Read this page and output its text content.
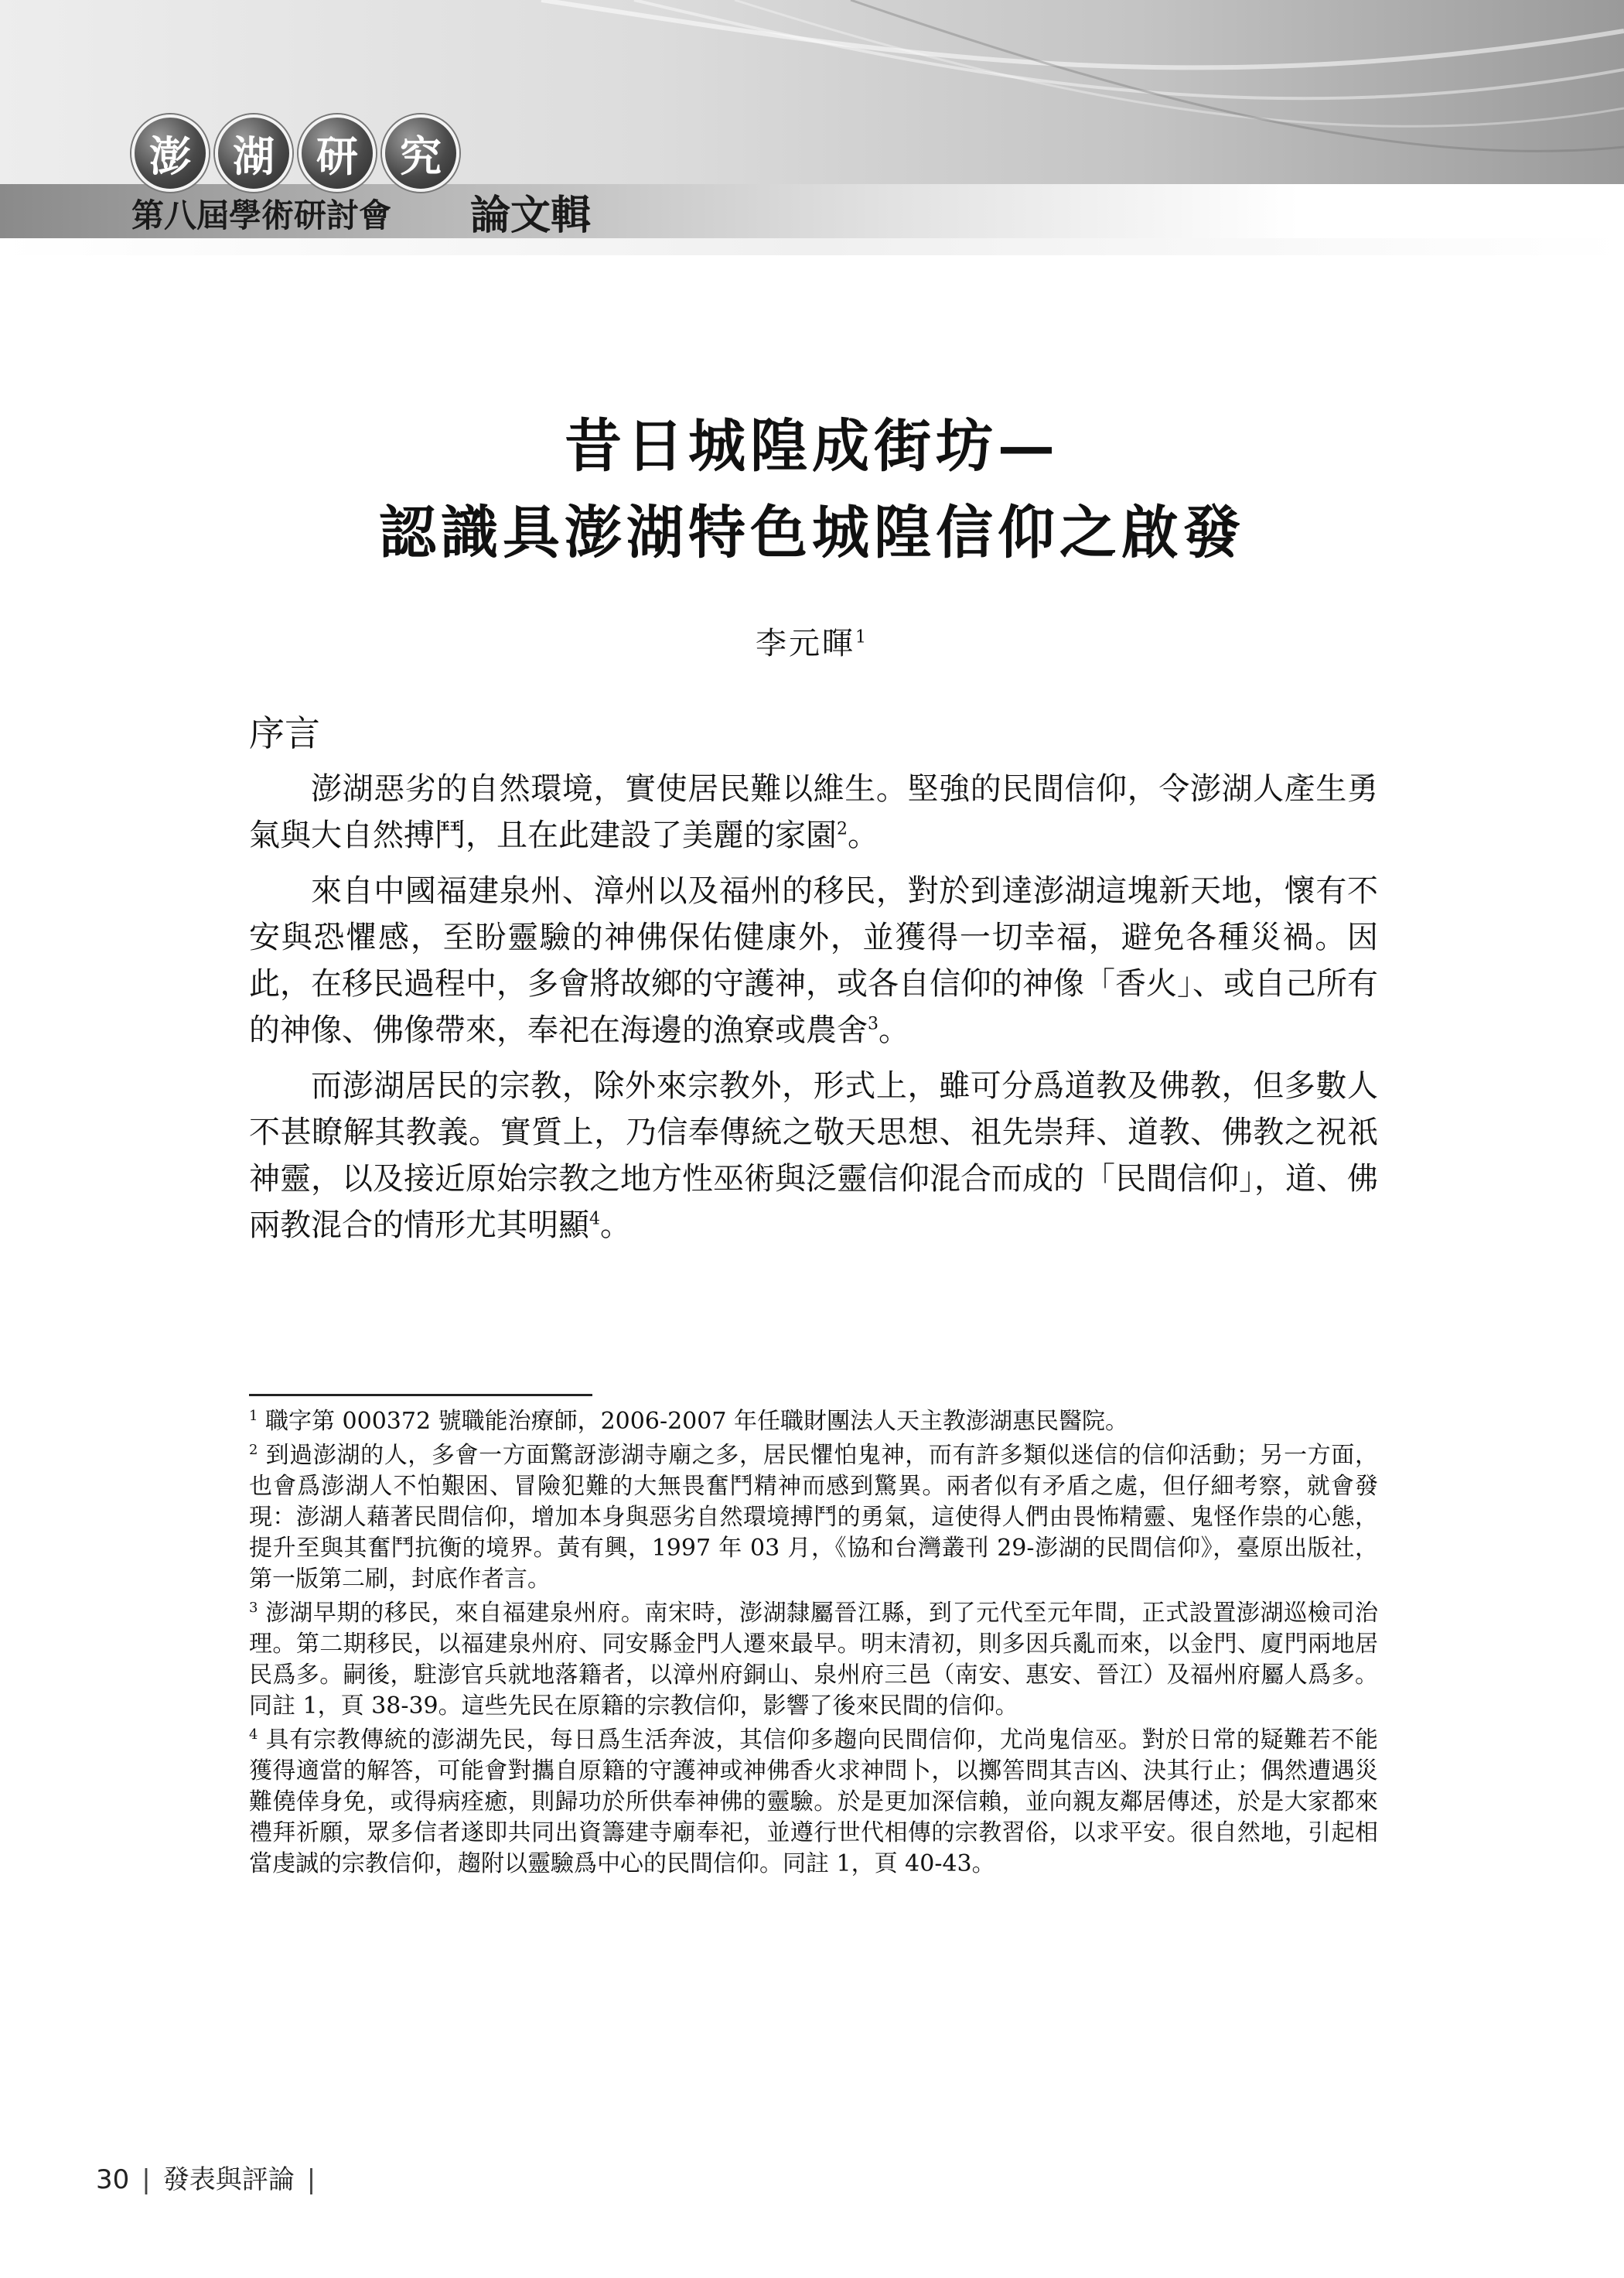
澎	湖	研	究
第八屆學術研討會 論文輯
昔日城隍成街坊—
認識具澎湖特色城隍信仰之啟發
李元暉$^1$
序言

澎湖惡劣的自然環境，實使居民難以維生。堅強的民間信仰，令澎湖人產生勇氣與大自然搏鬥，且在此建設了美麗的家園$^2$。

來自中國福建泉州、漳州以及福州的移民，對於到達澎湖這塊新天地，懷有不安與恐懼感，至盼靈驗的神佛保佑健康外，並獲得一切幸福，避免各種災禍。因此，在移民過程中，多會將故鄉的守護神，或各自信仰的神像「香火」、或自己所有的神像、佛像帶來，奉祀在海邊的漁寮或農舍$^3$。

而澎湖居民的宗教，除外來宗教外，形式上，雖可分爲道教及佛教，但多數人不甚瞭解其教義。實質上，乃信奉傳統之敬天思想、祖先崇拜、道教、佛教之祝祇神靈，以及接近原始宗教之地方性巫術與泛靈信仰混合而成的「民間信仰」，道、佛兩教混合的情形尤其明顯$^4$。

$^1$ 職字第 000372 號職能治療師，2006-2007 年任職財團法人天主教澎湖惠民醫院。

$^2$ 到過澎湖的人，多會一方面驚訝澎湖寺廟之多，居民懼怕鬼神，而有許多類似迷信的信仰活動；另一方面，也會爲澎湖人不怕艱困、冒險犯難的大無畏奮鬥精神而感到驚異。兩者似有矛盾之處，但仔細考察，就會發現：澎湖人藉著民間信仰，增加本身與惡劣自然環境搏鬥的勇氣，這使得人們由畏怖精靈、鬼怪作祟的心態，提升至與其奮鬥抗衡的境界。黃有興，1997 年 03 月，《協和台灣叢刊 29-澎湖的民間信仰》，臺原出版社，第一版第二刷，封底作者言。

$^3$ 澎湖早期的移民，來自福建泉州府。南宋時，澎湖隸屬晉江縣，到了元代至元年間，正式設置澎湖巡檢司治理。第二期移民，以福建泉州府、同安縣金門人遷來最早。明末清初，則多因兵亂而來，以金門、廈門兩地居民爲多。嗣後，駐澎官兵就地落籍者，以漳州府銅山、泉州府三邑（南安、惠安、晉江）及福州府屬人爲多。同註 1，頁 38-39。這些先民在原籍的宗教信仰，影響了後來民間的信仰。

$^4$ 具有宗教傳統的澎湖先民，每日爲生活奔波，其信仰多趨向民間信仰，尤尚鬼信巫。對於日常的疑難若不能獲得適當的解答，可能會對攜自原籍的守護神或神佛香火求神問卜，以擲筶問其吉凶、決其行止；偶然遭遇災難僥倖身免，或得病痊癒，則歸功於所供奉神佛的靈驗。於是更加深信賴，並向親友鄰居傳述，於是大家都來禮拜祈願，眾多信者遂即共同出資籌建寺廟奉祀，並遵行世代相傳的宗教習俗，以求平安。很自然地，引起相當虔誠的宗教信仰，趨附以靈驗爲中心的民間信仰。同註 1，頁 40-43。

30 | 發表與評論 |
